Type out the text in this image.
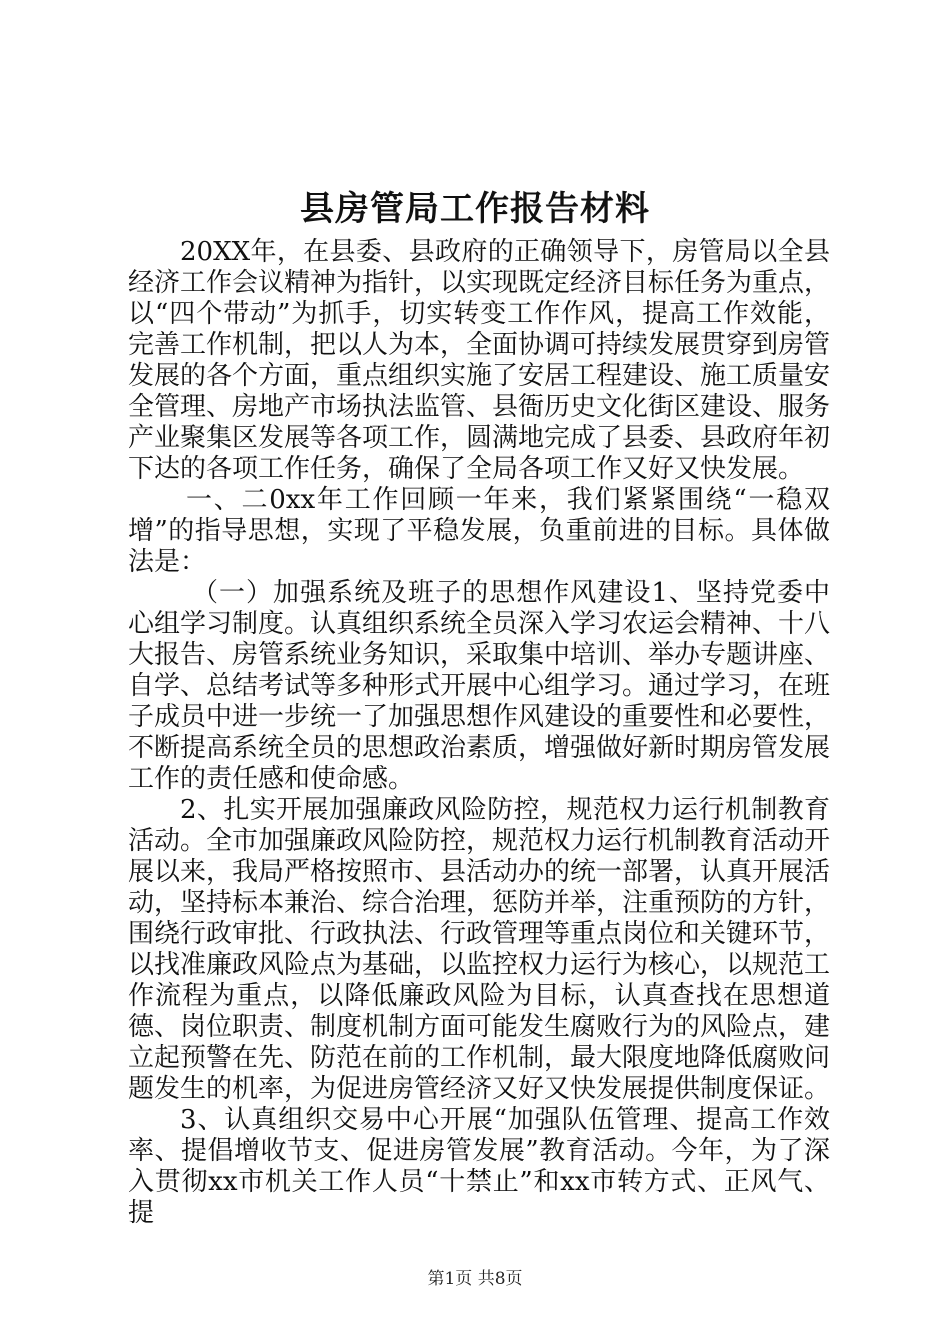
县房管局工作报告材料

20XX年，在县委、县政府的正确领导下，房管局以全县经济工作会议精神为指针，以实现既定经济目标任务为重点，以“四个带动”为抓手，切实转变工作作风，提高工作效能，完善工作机制，把以人为本，全面协调可持续发展贯穿到房管发展的各个方面，重点组织实施了安居工程建设、施工质量安全管理、房地产市场执法监管、县衙历史文化街区建设、服务产业聚集区发展等各项工作，圆满地完成了县委、县政府年初下达的各项工作任务，确保了全局各项工作又好又快发展。

一、二0xx年工作回顾一年来，我们紧紧围绕“一稳双增”的指导思想，实现了平稳发展，负重前进的目标。具体做法是：

（一）加强系统及班子的思想作风建设1、坚持党委中心组学习制度。认真组织系统全员深入学习农运会精神、十八大报告、房管系统业务知识，采取集中培训、举办专题讲座、自学、总结考试等多种形式开展中心组学习。通过学习，在班子成员中进一步统一了加强思想作风建设的重要性和必要性，不断提高系统全员的思想政治素质，增强做好新时期房管发展工作的责任感和使命感。

2、扎实开展加强廉政风险防控，规范权力运行机制教育活动。全市加强廉政风险防控，规范权力运行机制教育活动开展以来，我局严格按照市、县活动办的统一部署，认真开展活动，坚持标本兼治、综合治理，惩防并举，注重预防的方针，围绕行政审批、行政执法、行政管理等重点岗位和关键环节，以找准廉政风险点为基础，以监控权力运行为核心，以规范工作流程为重点，以降低廉政风险为目标，认真查找在思想道德、岗位职责、制度机制方面可能发生腐败行为的风险点，建立起预警在先、防范在前的工作机制，最大限度地降低腐败问题发生的机率，为促进房管经济又好又快发展提供制度保证。

3、认真组织交易中心开展“加强队伍管理、提高工作效率、提倡增收节支、促进房管发展”教育活动。今年，为了深入贯彻xx市机关工作人员“十禁止”和xx市转方式、正风气、提

第1页 共8页
